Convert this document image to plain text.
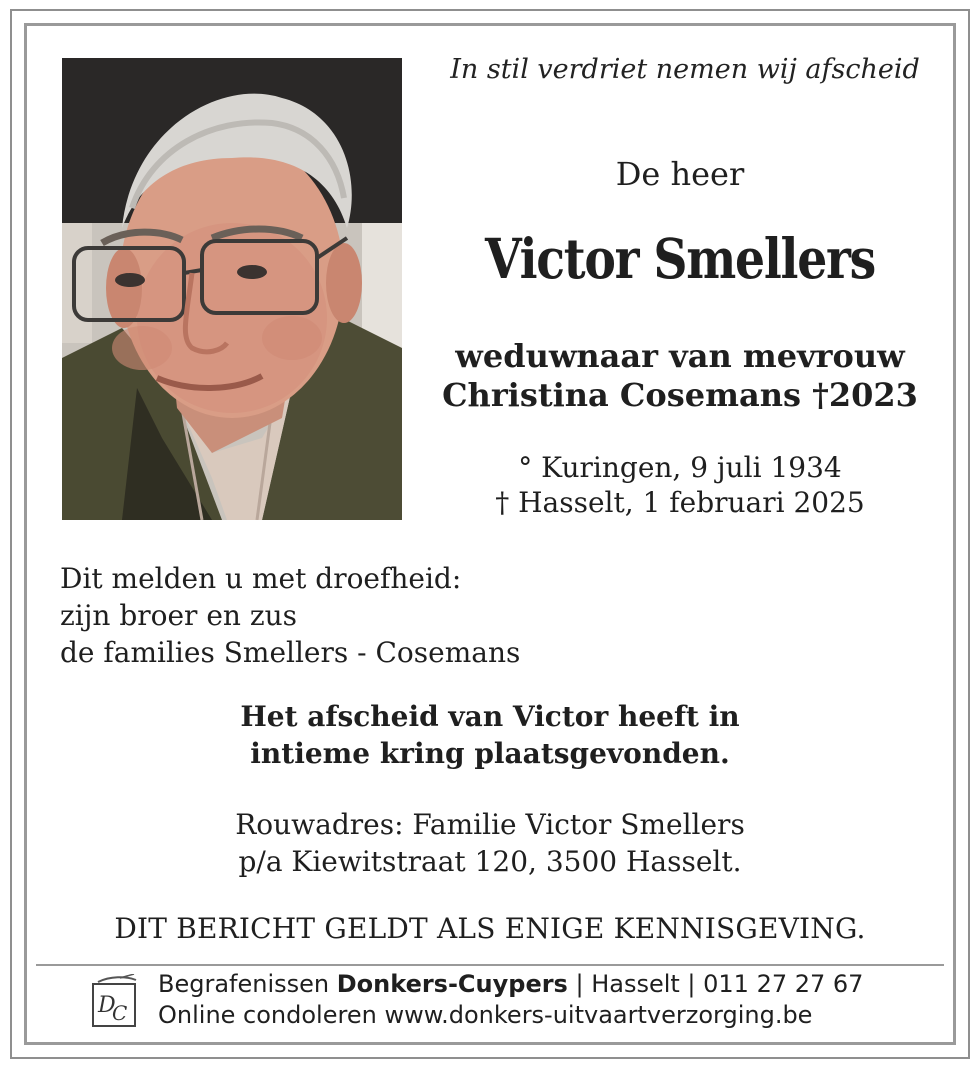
In stil verdriet nemen wij afscheid
De heer
Victor Smellers
weduwnaar van mevrouw
Christina Cosemans †2023
° Kuringen, 9 juli 1934
† Hasselt, 1 februari 2025
Dit melden u met droefheid:
zijn broer en zus
de families Smellers - Cosemans
Het afscheid van Victor heeft in
intieme kring plaatsgevonden.
Rouwadres: Familie Victor Smellers
p/a Kiewitstraat 120, 3500 Hasselt.
DIT BERICHT GELDT ALS ENIGE KENNISGEVING.
D
C
Begrafenissen Donkers-Cuypers | Hasselt | 011 27 27 67
Online condoleren www.donkers-uitvaartverzorging.be
